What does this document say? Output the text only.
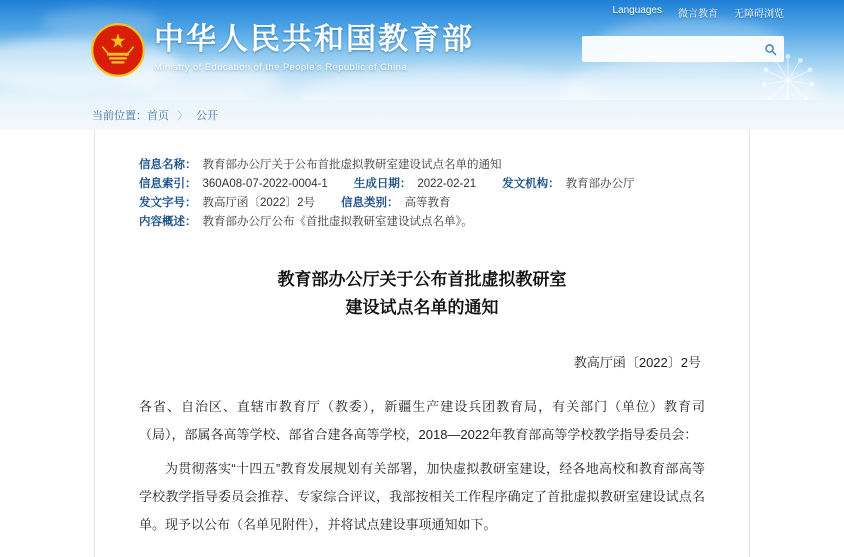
中华人民共和国教育部
Ministry of Education of the People's Republic of China
Languages 微言教育 无障碍浏览
当前位置： 首页 〉 公开
信息名称： 教育部办公厅关于公布首批虚拟教研室建设试点名单的通知
信息索引： 360A08-07-2022-0004-1 生成日期： 2022-02-21 发文机构： 教育部办公厅
发文字号： 教高厅函〔2022〕2号 信息类别： 高等教育
内容概述： 教育部办公厅公布《首批虚拟教研室建设试点名单》。
教育部办公厅关于公布首批虚拟教研室
建设试点名单的通知
教高厅函〔2022〕2号

各省、自治区、直辖市教育厅（教委），新疆生产建设兵团教育局，有关部门（单位）教育司（局），部属各高等学校、部省合建各高等学校，2018—2022年教育部高等学校教学指导委员会：

为贯彻落实“十四五”教育发展规划有关部署，加快虚拟教研室建设，经各地高校和教育部高等学校教学指导委员会推荐、专家综合评议，我部按相关工作程序确定了首批虚拟教研室建设试点名单。现予以公布（名单见附件），并将试点建设事项通知如下。
